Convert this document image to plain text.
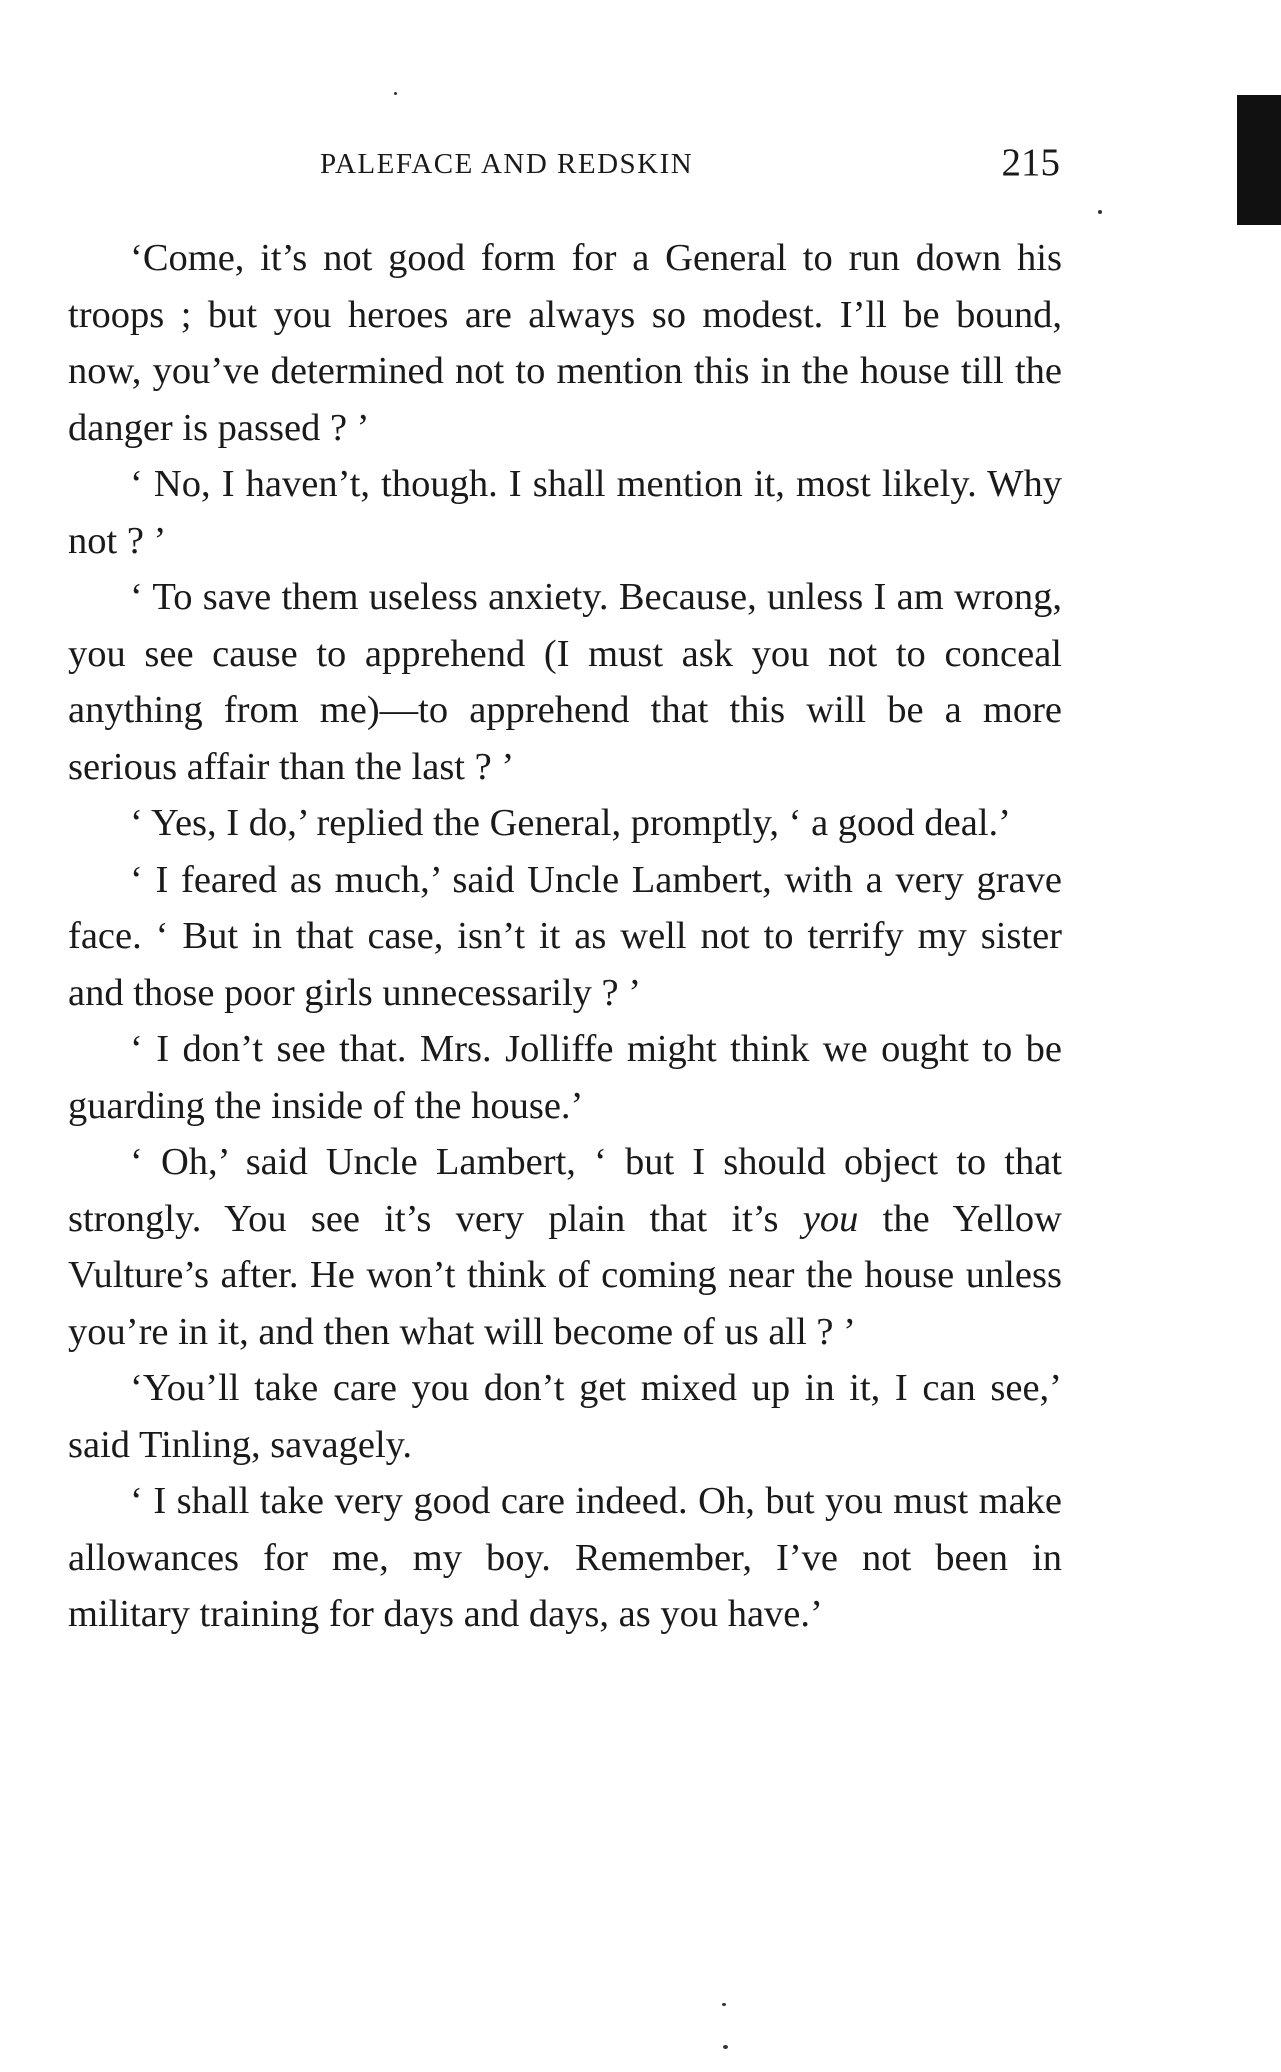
PALEFACE AND REDSKIN	215

‘Come, it’s not good form for a General to run down his troops ; but you heroes are always so modest. I’ll be bound, now, you’ve determined not to mention this in the house till the danger is passed ? ’

‘ No, I haven’t, though. I shall mention it, most likely. Why not ? ’

‘ To save them useless anxiety. Because, unless I am wrong, you see cause to apprehend (I must ask you not to conceal anything from me)—to apprehend that this will be a more serious affair than the last ? ’

‘ Yes, I do,’ replied the General, promptly, ‘ a good deal.’

‘ I feared as much,’ said Uncle Lambert, with a very grave face. ‘ But in that case, isn’t it as well not to terrify my sister and those poor girls unnecessarily ? ’

‘ I don’t see that. Mrs. Jolliffe might think we ought to be guarding the inside of the house.’

‘ Oh,’ said Uncle Lambert, ‘ but I should object to that strongly. You see it’s very plain that it’s you the Yellow Vulture’s after. He won’t think of coming near the house unless you’re in it, and then what will become of us all ? ’

‘You’ll take care you don’t get mixed up in it, I can see,’ said Tinling, savagely.

‘ I shall take very good care indeed. Oh, but you must make allowances for me, my boy. Remember, I’ve not been in military training for days and days, as you have.’
